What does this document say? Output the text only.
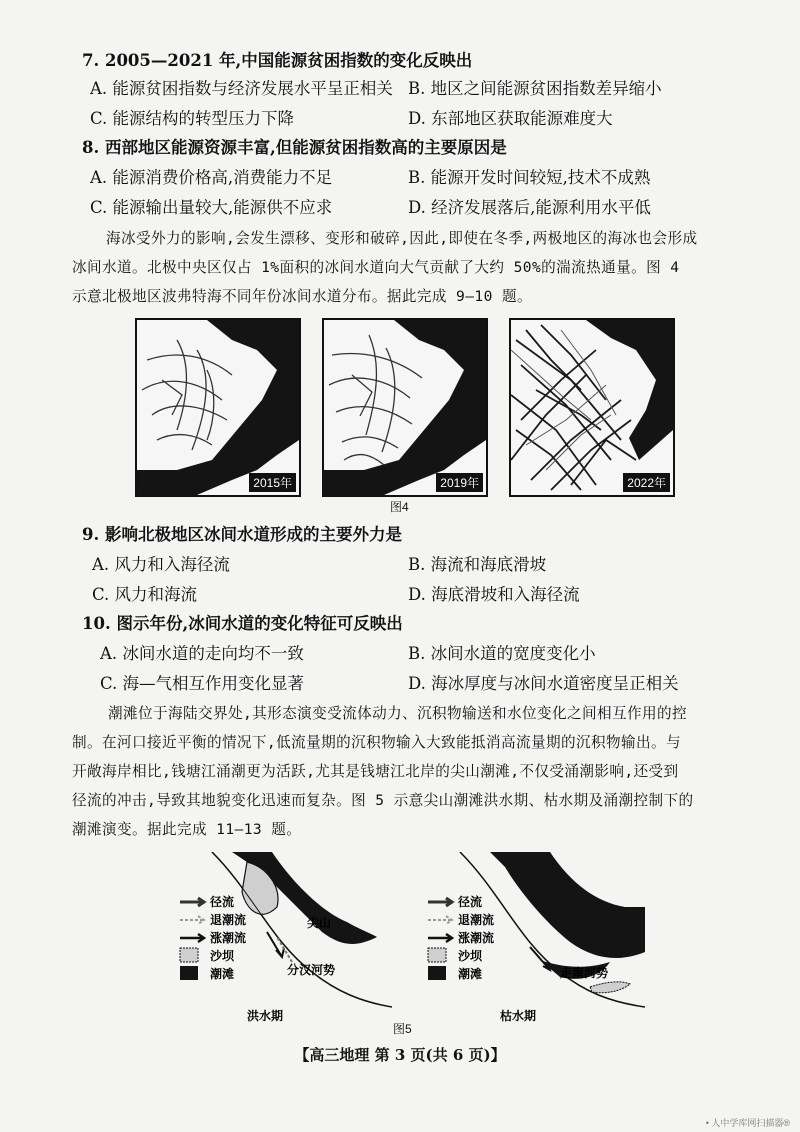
7. 2005—2021 年,中国能源贫困指数的变化反映出
A. 能源贫困指数与经济发展水平呈正相关 B. 地区之间能源贫困指数差异缩小
C. 能源结构的转型压力下降	D. 东部地区获取能源难度大
8. 西部地区能源资源丰富,但能源贫困指数高的主要原因是
A. 能源消费价格高,消费能力不足	B. 能源开发时间较短,技术不成熟
C. 能源输出量较大,能源供不应求	D. 经济发展落后,能源利用水平低
海冰受外力的影响,会发生漂移、变形和破碎,因此,即使在冬季,两极地区的海冰也会形成
冰间水道。北极中央区仅占 1%面积的冰间水道向大气贡献了大约 50%的湍流热通量。图 4
示意北极地区波弗特海不同年份冰间水道分布。据此完成 9—10 题。
2015年	2019年	2022年
图4
9. 影响北极地区冰间水道形成的主要外力是
A. 风力和入海径流	B. 海流和海底滑坡
C. 风力和海流	D. 海底滑坡和入海径流
10. 图示年份,冰间水道的变化特征可反映出
A. 冰间水道的走向均不一致	B. 冰间水道的宽度变化小
C. 海—气相互作用变化显著	D. 海冰厚度与冰间水道密度呈正相关
潮滩位于海陆交界处,其形态演变受流体动力、沉积物输送和水位变化之间相互作用的控
制。在河口接近平衡的情况下,低流量期的沉积物输入大致能抵消高流量期的沉积物输出。与
开敞海岸相比,钱塘江涌潮更为活跃,尤其是钱塘江北岸的尖山潮滩,不仅受涌潮影响,还受到
径流的冲击,导致其地貌变化迅速而复杂。图 5 示意尖山潮滩洪水期、枯水期及涌潮控制下的
潮滩演变。据此完成 11—13 题。
径流
退潮流
涨潮流
沙坝
潮滩
尖山
分汊河势
洪水期
径流
退潮流
涨潮流
沙坝
潮滩	走南河势
枯水期
图5
【高三地理 第 3 页(共 6 页)】
• 人中学库网扫描器®
